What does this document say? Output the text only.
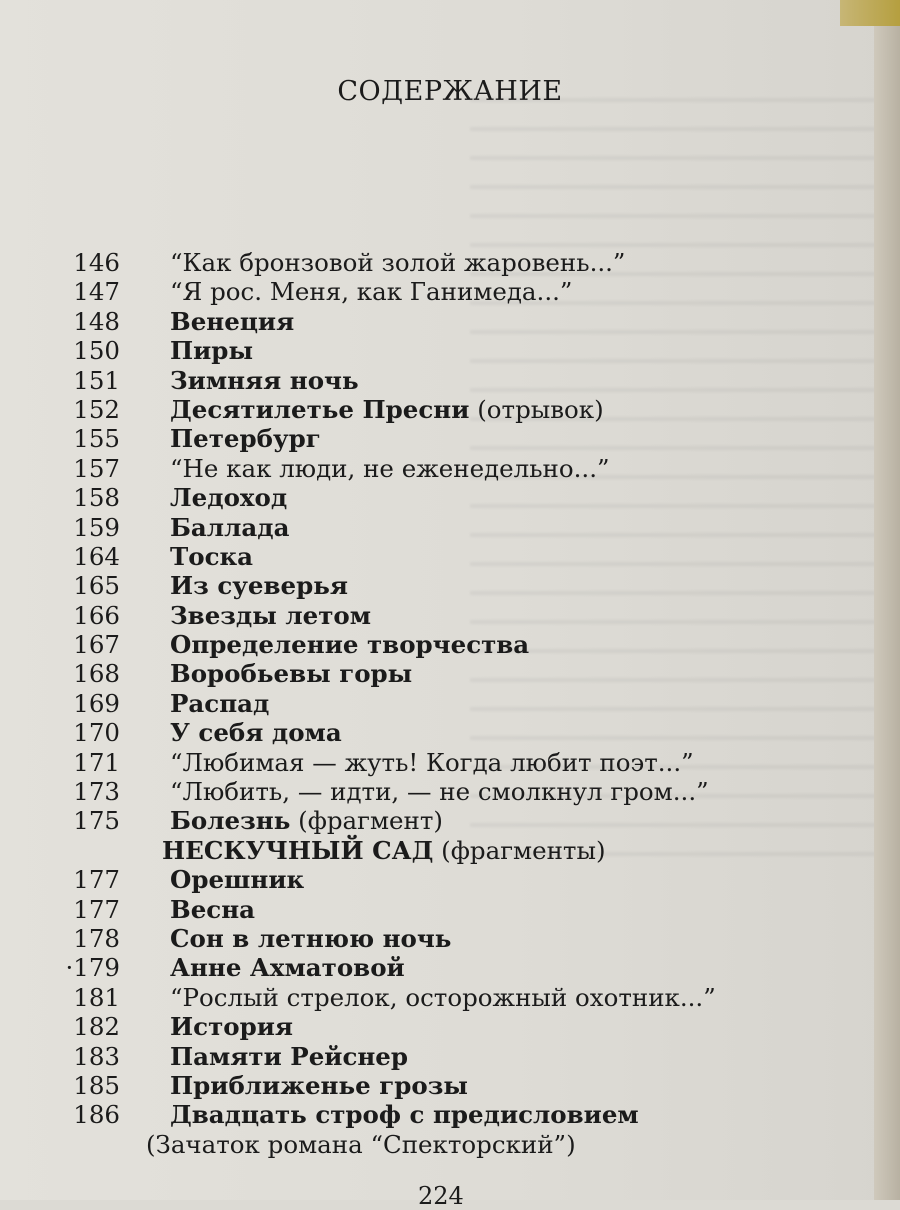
СОДЕРЖАНИЕ
146 “Как бронзовой золой жаровень...”
147 “Я рос. Меня, как Ганимеда...”
148 Венеция
150 Пиры
151 Зимняя ночь
152 Десятилетье Пресни (отрывок)
155 Петербург
157 “Не как люди, не еженедельно...”
158 Ледоход
159 Баллада
164 Тоска
165 Из суеверья
166 Звезды летом
167 Определение творчества
168 Воробьевы горы
169 Распад
170 У себя дома
171 “Любимая — жуть! Когда любит поэт...”
173 “Любить, — идти, — не смолкнул гром...”
175 Болезнь (фрагмент)
НЕСКУЧНЫЙ САД (фрагменты)
177 Орешник
177 Весна
178 Сон в летнюю ночь
·179 Анне Ахматовой
181 “Рослый стрелок, осторожный охотник...”
182 История
183 Памяти Рейснер
185 Приближенье грозы
186 Двадцать строф с предисловием
(Зачаток романа “Спекторский”)
224
